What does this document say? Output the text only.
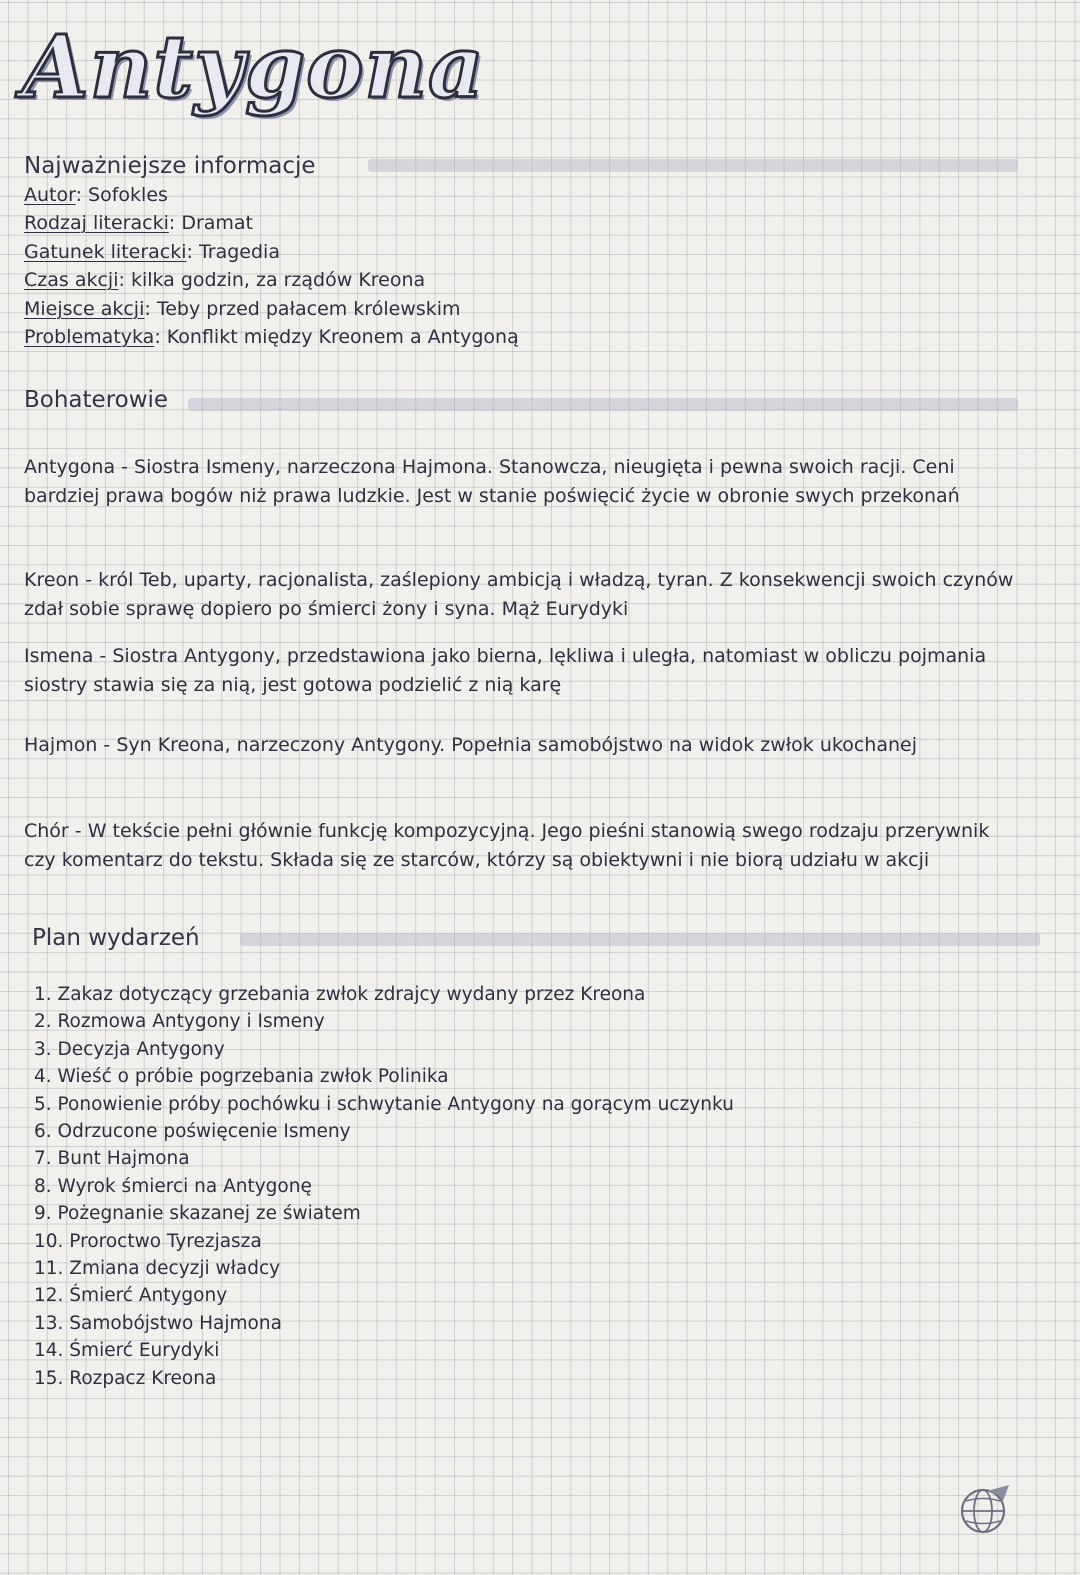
Antygona
Najważniejsze informacje
Autor: Sofokles
Rodzaj literacki: Dramat
Gatunek literacki: Tragedia
Czas akcji: kilka godzin, za rządów Kreona
Miejsce akcji: Teby przed pałacem królewskim
Problematyka: Konflikt między Kreonem a Antygoną
Bohaterowie

Antygona - Siostra Ismeny, narzeczona Hajmona. Stanowcza, nieugięta i pewna swoich racji. Ceni bardziej prawa bogów niż prawa ludzkie. Jest w stanie poświęcić życie w obronie swych przekonań

Kreon - król Teb, uparty, racjonalista, zaślepiony ambicją i władzą, tyran. Z konsekwencji swoich czynów zdał sobie sprawę dopiero po śmierci żony i syna. Mąż Eurydyki

Ismena - Siostra Antygony, przedstawiona jako bierna, lękliwa i uległa, natomiast w obliczu pojmania siostry stawia się za nią, jest gotowa podzielić z nią karę

Hajmon - Syn Kreona, narzeczony Antygony. Popełnia samobójstwo na widok zwłok ukochanej

Chór - W tekście pełni głównie funkcję kompozycyjną. Jego pieśni stanowią swego rodzaju przerywnik czy komentarz do tekstu. Składa się ze starców, którzy są obiektywni i nie biorą udziału w akcji

Plan wydarzeń
1. Zakaz dotyczący grzebania zwłok zdrajcy wydany przez Kreona
2. Rozmowa Antygony i Ismeny
3. Decyzja Antygony
4. Wieść o próbie pogrzebania zwłok Polinika
5. Ponowienie próby pochówku i schwytanie Antygony na gorącym uczynku
6. Odrzucone poświęcenie Ismeny
7. Bunt Hajmona
8. Wyrok śmierci na Antygonę
9. Pożegnanie skazanej ze światem
10. Proroctwo Tyrezjasza
11. Zmiana decyzji władcy
12. Śmierć Antygony
13. Samobójstwo Hajmona
14. Śmierć Eurydyki
15. Rozpacz Kreona
